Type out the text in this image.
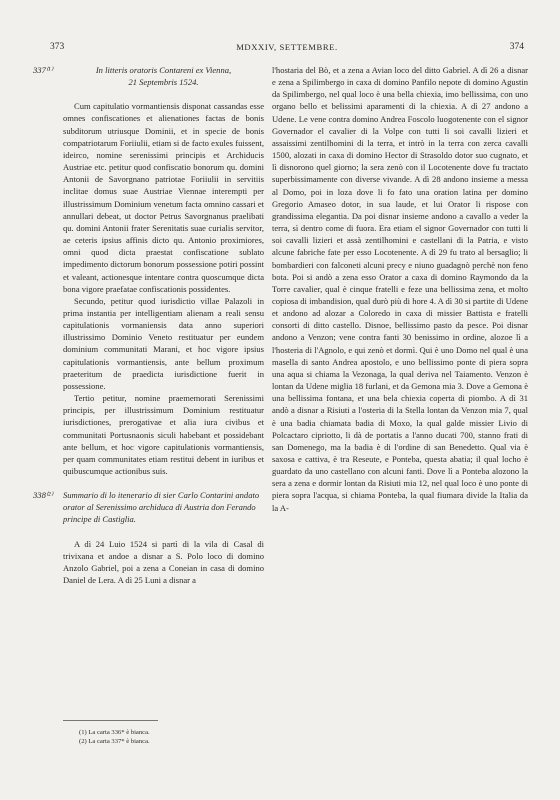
373	MDXXIV, SETTEMBRE.	374
337⁽¹⁾	In litteris oratoris Contareni ex Vienna,
21 Septembris 1524.

Cum capitulatio vormantiensis disponat cassandas esse omnes confiscationes et alienationes factas de bonis subditorum utriusque Dominii, et in specie de bonis compatriotarum Foriiulii, etiam si de facto exules fuissent, ideirco, nomine serenissimi principis et Archiducis Austriae etc. petitur quod confiscatio bonorum qu. domini Antonii de Savorgnano patriotae Foriiulii in servitiis inclitae domus suae Austriae Viennae interempti per illustrissimum Dominium venetum facta omnino cassari et annullari debeat, ut doctor Petrus Savorgnanus praelibati qu. domini Antonii frater Serenitatis suae curialis servitor, ae ceteris ipsius affinis dicto qu. Antonio proximiores, omni quod dicta praestat confiscatione sublato impedimento dictorum bonorum possessione potiri possint et valeant, actionesque intentare contra quoscumque dicta bona vigore praefatae confiscationis possidentes.

Secundo, petitur quod iurisdictio villae Palazoli in prima instantia per intelligentiam alienam a reali sensu capitulationis vormaniensis data anno superiori illustrissimo Dominio Veneto restituatur per eundem dominium communitati Marani, et hoc vigore ipsius capitulationis vormantiensis, ante bellum proximum praeteritum de praedicta iurisdictione fuerit in possessione.

Tertio petitur, nomine praememorati Serenissimi principis, per illustrissimum Dominium restituatur iurisdictiones, prerogativae et alia iura civibus et communitati Portusnaonis siculi habebant et possidebant ante bellum, et hoc vigore capitulationis vormantiensis, per quam communitates etiam restitui debent in iuribus et quibuscumque actionibus suis.

338⁽²⁾ Summario di lo itenerario di sier Carlo Contarini andato orator al Serenissimo archiduca di Austria don Ferando principe di Castiglia.

A dì 24 Luio 1524 si partì di la vila di Casal di trivixana et andoe a disnar a S. Polo loco di domino Anzolo Gabriel, poi a zena a Coneian in casa di domino Daniel de Lera. A dì 25 Luni a disnar a

(1) La carta 336* è bianca.
(2) La carta 337* è bianca.

l'hostaria del Bò, et a zena a Avian loco del ditto Gabriel. A dì 26 a disnar e zena a Spilimbergo in caxa di domino Panfilo nepote di domino Agustin da Spilimbergo, nel qual loco è una bella chiexia, imo bellissima, con uno organo bello et belissimi aparamenti di la chiexia. A dì 27 andono a Udene. Le vene contra domino Andrea Foscolo luogotenente con el signor Governador el cavalier di la Volpe con tutti li soi cavalli lizieri et assaissimi zentilhomini di la terra, et intrò in la terra con zerca cavalli 1500, alozati in caxa di domino Hector di Strasoldo dotor suo cugnato, et lì disnorono quel giorno; la sera zenò con il Locotenente dove fu tractato superbissimamente con diverse vivande. A dì 28 andono insieme a messa al Domo, poi in loza dove li fo fato una oration latina per domino Gregorio Amaseo dotor, in sua laude, et lui Orator li rispose con grandissima elegantia. Da poi disnar insieme andono a cavallo a veder la terra, sì dentro come di fuora. Era etiam el signor Governador con tutti li soi cavalli lizieri et assà zentilhomini e castellani di la Patria, e visto alcune fabriche fate per esso Locotenente. A dì 29 fu trato al bersaglio; li bombardieri con falconeti alcuni precy e niuno guadagnò perchè non feno bota. Poi si andò a zena esso Orator a caxa di domino Raymondo da la Torre cavalier, qual è cinque fratelli e feze una bellissima zena, et molto copiosa di imbandision, qual durò più di hore 4. A dì 30 si partite di Udene et andono ad alozar a Coloredo in caxa di missier Battista e fratelli consorti di ditto castello. Disnoe, bellissimo pasto da pesce. Poi disnar andono a Venzon; vene contra fanti 30 benissimo in ordine, alozoe lì a l'hosteria di l'Agnolo, e qui zenò et dormì. Qui è uno Domo nel qual è una masella di santo Andrea apostolo, e uno bellissimo ponte di piera sopra una aqua si chiama la Vezonaga, la qual deriva nel Taiamento. Venzon è lontan da Udene miglia 18 furlani, et da Gemona mia 3. Dove a Gemona è una bellissima fontana, et una bela chiexia coperta di piombo. A dì 31 andò a disnar a Risiuti a l'osteria di la Stella lontan da Venzon mia 7, qual è una badia chiamata badia di Moxo, la qual galde missier Livio di Polcactaro cipriotto, li dà de portatis a l'anno ducati 700, stanno frati di san Domenego, ma la badia è di l'ordine di san Benedetto. Qual via è saxosa e cattiva, è tra Reseute, e Ponteba, questa abatia; il qual locho è guardato da uno castellano con alcuni fanti. Dove lì a Ponteba alozono la sera a zena e dormir lontan da Risiuti mia 12, nel qual loco è uno ponte di piera sopra l'acqua, si chiama Ponteba, la qual fiumara divide la Italia da la A-
